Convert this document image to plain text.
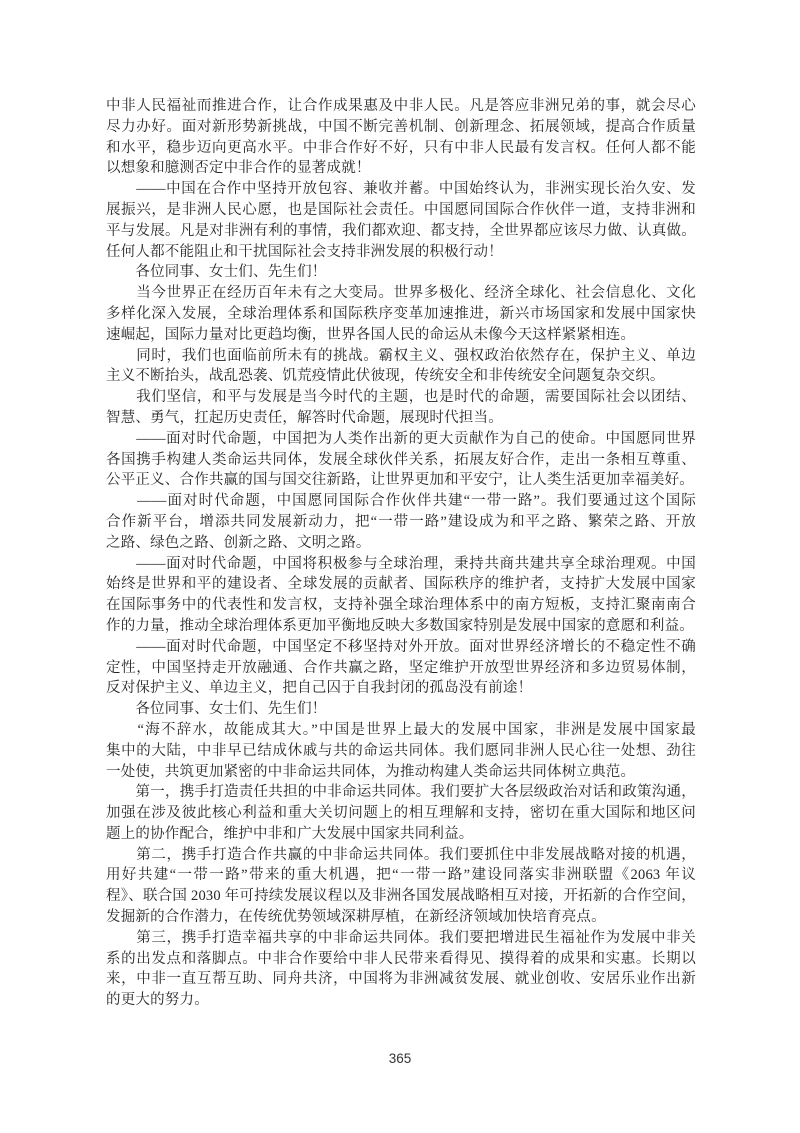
中非人民福祉而推进合作，让合作成果惠及中非人民。凡是答应非洲兄弟的事，就会尽心
尽力办好。面对新形势新挑战，中国不断完善机制、创新理念、拓展领域，提高合作质量
和水平，稳步迈向更高水平。中非合作好不好，只有中非人民最有发言权。任何人都不能
以想象和臆测否定中非合作的显著成就！
　　——中国在合作中坚持开放包容、兼收并蓄。中国始终认为，非洲实现长治久安、发
展振兴，是非洲人民心愿，也是国际社会责任。中国愿同国际合作伙伴一道，支持非洲和
平与发展。凡是对非洲有利的事情，我们都欢迎、都支持，全世界都应该尽力做、认真做。
任何人都不能阻止和干扰国际社会支持非洲发展的积极行动！
　　各位同事、女士们、先生们！
　　当今世界正在经历百年未有之大变局。世界多极化、经济全球化、社会信息化、文化
多样化深入发展，全球治理体系和国际秩序变革加速推进，新兴市场国家和发展中国家快
速崛起，国际力量对比更趋均衡，世界各国人民的命运从未像今天这样紧紧相连。
　　同时，我们也面临前所未有的挑战。霸权主义、强权政治依然存在，保护主义、单边
主义不断抬头，战乱恐袭、饥荒疫情此伏彼现，传统安全和非传统安全问题复杂交织。
　　我们坚信，和平与发展是当今时代的主题，也是时代的命题，需要国际社会以团结、
智慧、勇气，扛起历史责任，解答时代命题，展现时代担当。
　　——面对时代命题，中国把为人类作出新的更大贡献作为自己的使命。中国愿同世界
各国携手构建人类命运共同体，发展全球伙伴关系，拓展友好合作，走出一条相互尊重、
公平正义、合作共赢的国与国交往新路，让世界更加和平安宁，让人类生活更加幸福美好。
　　——面对时代命题，中国愿同国际合作伙伴共建“一带一路”。我们要通过这个国际
合作新平台，增添共同发展新动力，把“一带一路”建设成为和平之路、繁荣之路、开放
之路、绿色之路、创新之路、文明之路。
　　——面对时代命题，中国将积极参与全球治理，秉持共商共建共享全球治理观。中国
始终是世界和平的建设者、全球发展的贡献者、国际秩序的维护者，支持扩大发展中国家
在国际事务中的代表性和发言权，支持补强全球治理体系中的南方短板，支持汇聚南南合
作的力量，推动全球治理体系更加平衡地反映大多数国家特别是发展中国家的意愿和利益。
　　——面对时代命题，中国坚定不移坚持对外开放。面对世界经济增长的不稳定性不确
定性，中国坚持走开放融通、合作共赢之路，坚定维护开放型世界经济和多边贸易体制，
反对保护主义、单边主义，把自己囚于自我封闭的孤岛没有前途！
　　各位同事、女士们、先生们！
　　“海不辞水，故能成其大。”中国是世界上最大的发展中国家，非洲是发展中国家最
集中的大陆，中非早已结成休戚与共的命运共同体。我们愿同非洲人民心往一处想、劲往
一处使，共筑更加紧密的中非命运共同体，为推动构建人类命运共同体树立典范。
　　第一，携手打造责任共担的中非命运共同体。我们要扩大各层级政治对话和政策沟通，
加强在涉及彼此核心利益和重大关切问题上的相互理解和支持，密切在重大国际和地区问
题上的协作配合，维护中非和广大发展中国家共同利益。
　　第二，携手打造合作共赢的中非命运共同体。我们要抓住中非发展战略对接的机遇，
用好共建“一带一路”带来的重大机遇，把“一带一路”建设同落实非洲联盟《2063 年议
程》、联合国 2030 年可持续发展议程以及非洲各国发展战略相互对接，开拓新的合作空间，
发掘新的合作潜力，在传统优势领域深耕厚植，在新经济领域加快培育亮点。
　　第三，携手打造幸福共享的中非命运共同体。我们要把增进民生福祉作为发展中非关
系的出发点和落脚点。中非合作要给中非人民带来看得见、摸得着的成果和实惠。长期以
来，中非一直互帮互助、同舟共济，中国将为非洲减贫发展、就业创收、安居乐业作出新
的更大的努力。
365
